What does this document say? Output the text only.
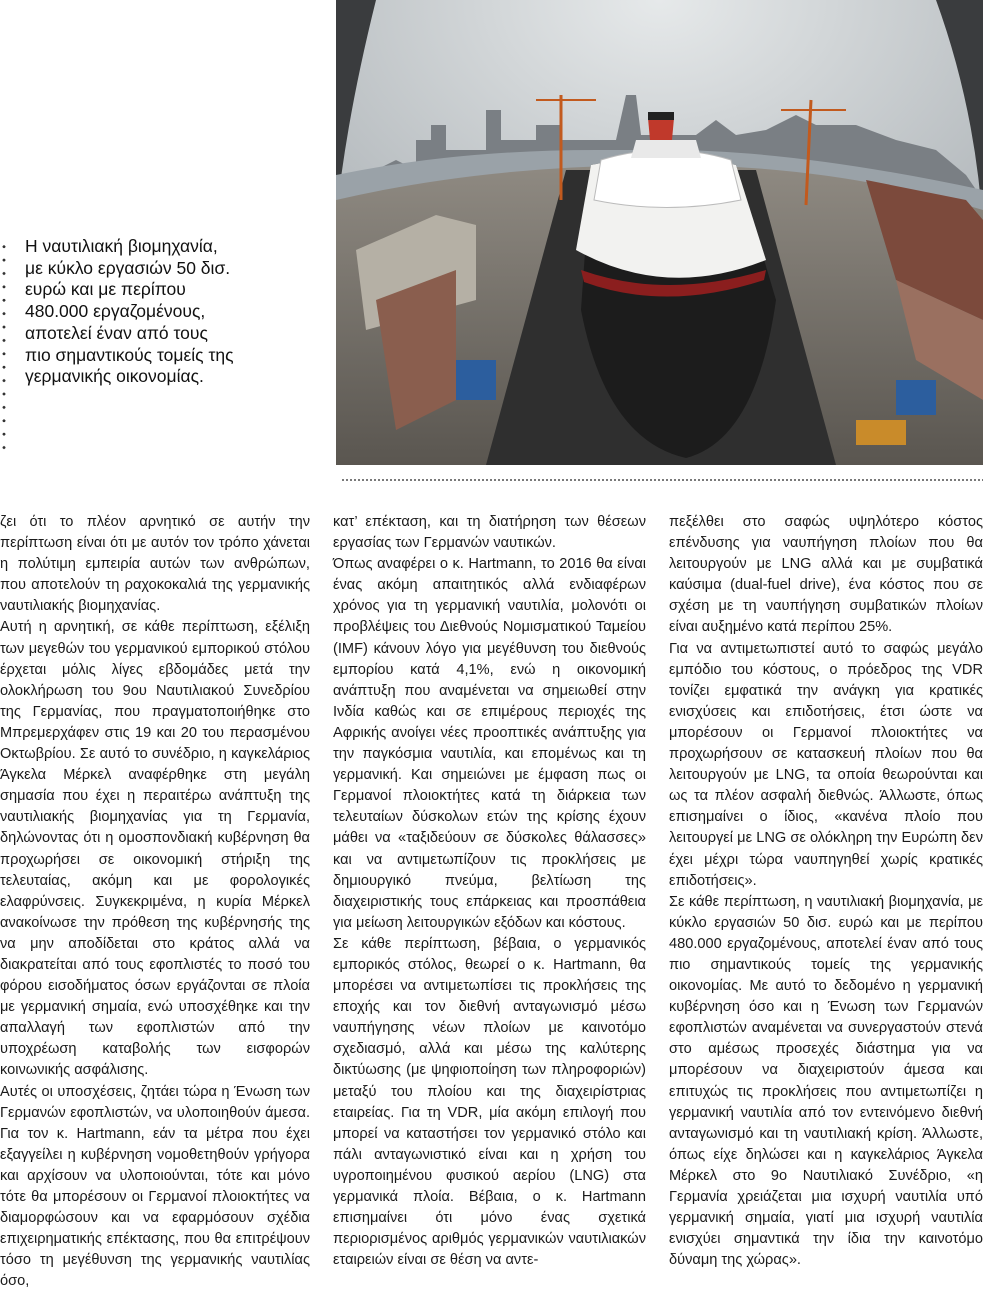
Η ναυτιλιακή βιομηχανία, με κύκλο εργασιών 50 δισ. ευρώ και με περίπου 480.000 εργαζομένους, αποτελεί έναν από τους πιο σημαντικούς τομείς της γερμανικής οικονομίας.

ζει ότι το πλέον αρνητικό σε αυτήν την περίπτωση είναι ότι με αυτόν τον τρόπο χάνεται η πολύτιμη εμπειρία αυτών των ανθρώπων, που αποτελούν τη ραχοκοκαλιά της γερμανικής ναυτιλιακής βιομηχανίας.

Αυτή η αρνητική, σε κάθε περίπτωση, εξέλιξη των μεγεθών του γερμανικού εμπορικού στόλου έρχεται μόλις λίγες εβδομάδες μετά την ολοκλήρωση του 9ου Ναυτιλιακού Συνεδρίου της Γερμανίας, που πραγματοποιήθηκε στο Μπρεμερχάφεν στις 19 και 20 του περασμένου Οκτωβρίου. Σε αυτό το συνέδριο, η καγκελάριος Άγκελα Μέρκελ αναφέρθηκε στη μεγάλη σημασία που έχει η περαιτέρω ανάπτυξη της ναυτιλιακής βιομηχανίας για τη Γερμανία, δηλώνοντας ότι η ομοσπονδιακή κυβέρνηση θα προχωρήσει σε οικονομική στήριξη της τελευταίας, ακόμη και με φορολογικές ελαφρύνσεις. Συγκεκριμένα, η κυρία Μέρκελ ανακοίνωσε την πρόθεση της κυβέρνησής της να μην αποδίδεται στο κράτος αλλά να διακρατείται από τους εφοπλιστές το ποσό του φόρου εισοδήματος όσων εργάζονται σε πλοία με γερμανική σημαία, ενώ υποσχέθηκε και την απαλλαγή των εφοπλιστών από την υποχρέωση καταβολής των εισφορών κοινωνικής ασφάλισης.

Αυτές οι υποσχέσεις, ζητάει τώρα η Ένωση των Γερμανών εφοπλιστών, να υλοποιηθούν άμεσα. Για τον κ. Hartmann, εάν τα μέτρα που έχει εξαγγείλει η κυβέρνηση νομοθετηθούν γρήγορα και αρχίσουν να υλοποιούνται, τότε και μόνο τότε θα μπορέσουν οι Γερμανοί πλοιοκτήτες να διαμορφώσουν και να εφαρμόσουν σχέδια επιχειρηματικής επέκτασης, που θα επιτρέψουν τόσο τη μεγέθυνση της γερμανικής ναυτιλίας όσο,

κατ’ επέκταση, και τη διατήρηση των θέσεων εργασίας των Γερμανών ναυτικών.

Όπως αναφέρει ο κ. Hartmann, το 2016 θα είναι ένας ακόμη απαιτητικός αλλά ενδιαφέρων χρόνος για τη γερμανική ναυτιλία, μολονότι οι προβλέψεις του Διεθνούς Νομισματικού Ταμείου (IMF) κάνουν λόγο για μεγέθυνση του διεθνούς εμπορίου κατά 4,1%, ενώ η οικονομική ανάπτυξη που αναμένεται να σημειωθεί στην Ινδία καθώς και σε επιμέρους περιοχές της Αφρικής ανοίγει νέες προοπτικές ανάπτυξης για την παγκόσμια ναυτιλία, και επομένως και τη γερμανική. Και σημειώνει με έμφαση πως οι Γερμανοί πλοιοκτήτες κατά τη διάρκεια των τελευταίων δύσκολων ετών της κρίσης έχουν μάθει να «ταξιδεύουν σε δύσκολες θάλασσες» και να αντιμετωπίζουν τις προκλήσεις με δημιουργικό πνεύμα, βελτίωση της διαχειριστικής τους επάρκειας και προσπάθεια για μείωση λειτουργικών εξόδων και κόστους.

Σε κάθε περίπτωση, βέβαια, ο γερμανικός εμπορικός στόλος, θεωρεί ο κ. Hartmann, θα μπορέσει να αντιμετωπίσει τις προκλήσεις της εποχής και τον διεθνή ανταγωνισμό μέσω ναυπήγησης νέων πλοίων με καινοτόμο σχεδιασμό, αλλά και μέσω της καλύτερης δικτύωσης (με ψηφιοποίηση των πληροφοριών) μεταξύ του πλοίου και της διαχειρίστριας εταιρείας. Για τη VDR, μία ακόμη επιλογή που μπορεί να καταστήσει τον γερμανικό στόλο και πάλι ανταγωνιστικό είναι και η χρήση του υγροποιημένου φυσικού αερίου (LNG) στα γερμανικά πλοία. Βέβαια, ο κ. Hartmann επισημαίνει ότι μόνο ένας σχετικά περιορισμένος αριθμός γερμανικών ναυτιλιακών εταιρειών είναι σε θέση να αντε-

πεξέλθει στο σαφώς υψηλότερο κόστος επένδυσης για ναυπήγηση πλοίων που θα λειτουργούν με LNG αλλά και με συμβατικά καύσιμα (dual-fuel drive), ένα κόστος που σε σχέση με τη ναυπήγηση συμβατικών πλοίων είναι αυξημένο κατά περίπου 25%.

Για να αντιμετωπιστεί αυτό το σαφώς μεγάλο εμπόδιο του κόστους, ο πρόεδρος της VDR τονίζει εμφατικά την ανάγκη για κρατικές ενισχύσεις και επιδοτήσεις, έτσι ώστε να μπορέσουν οι Γερμανοί πλοιοκτήτες να προχωρήσουν σε κατασκευή πλοίων που θα λειτουργούν με LNG, τα οποία θεωρούνται και ως τα πλέον ασφαλή διεθνώς. Άλλωστε, όπως επισημαίνει ο ίδιος, «κανένα πλοίο που λειτουργεί με LNG σε ολόκληρη την Ευρώπη δεν έχει μέχρι τώρα ναυπηγηθεί χωρίς κρατικές επιδοτήσεις».

Σε κάθε περίπτωση, η ναυτιλιακή βιομηχανία, με κύκλο εργασιών 50 δισ. ευρώ και με περίπου 480.000 εργαζομένους, αποτελεί έναν από τους πιο σημαντικούς τομείς της γερμανικής οικονομίας. Με αυτό το δεδομένο η γερμανική κυβέρνηση όσο και η Ένωση των Γερμανών εφοπλιστών αναμένεται να συνεργαστούν στενά στο αμέσως προσεχές διάστημα για να μπορέσουν να διαχειριστούν άμεσα και επιτυχώς τις προκλήσεις που αντιμετωπίζει η γερμανική ναυτιλία από τον εντεινόμενο διεθνή ανταγωνισμό και τη ναυτιλιακή κρίση. Άλλωστε, όπως είχε δηλώσει και η καγκελάριος Άγκελα Μέρκελ στο 9ο Ναυτιλιακό Συνέδριο, «η Γερμανία χρειάζεται μια ισχυρή ναυτιλία υπό γερμανική σημαία, γιατί μια ισχυρή ναυτιλία ενισχύει σημαντικά την ίδια την καινοτόμο δύναμη της χώρας».
